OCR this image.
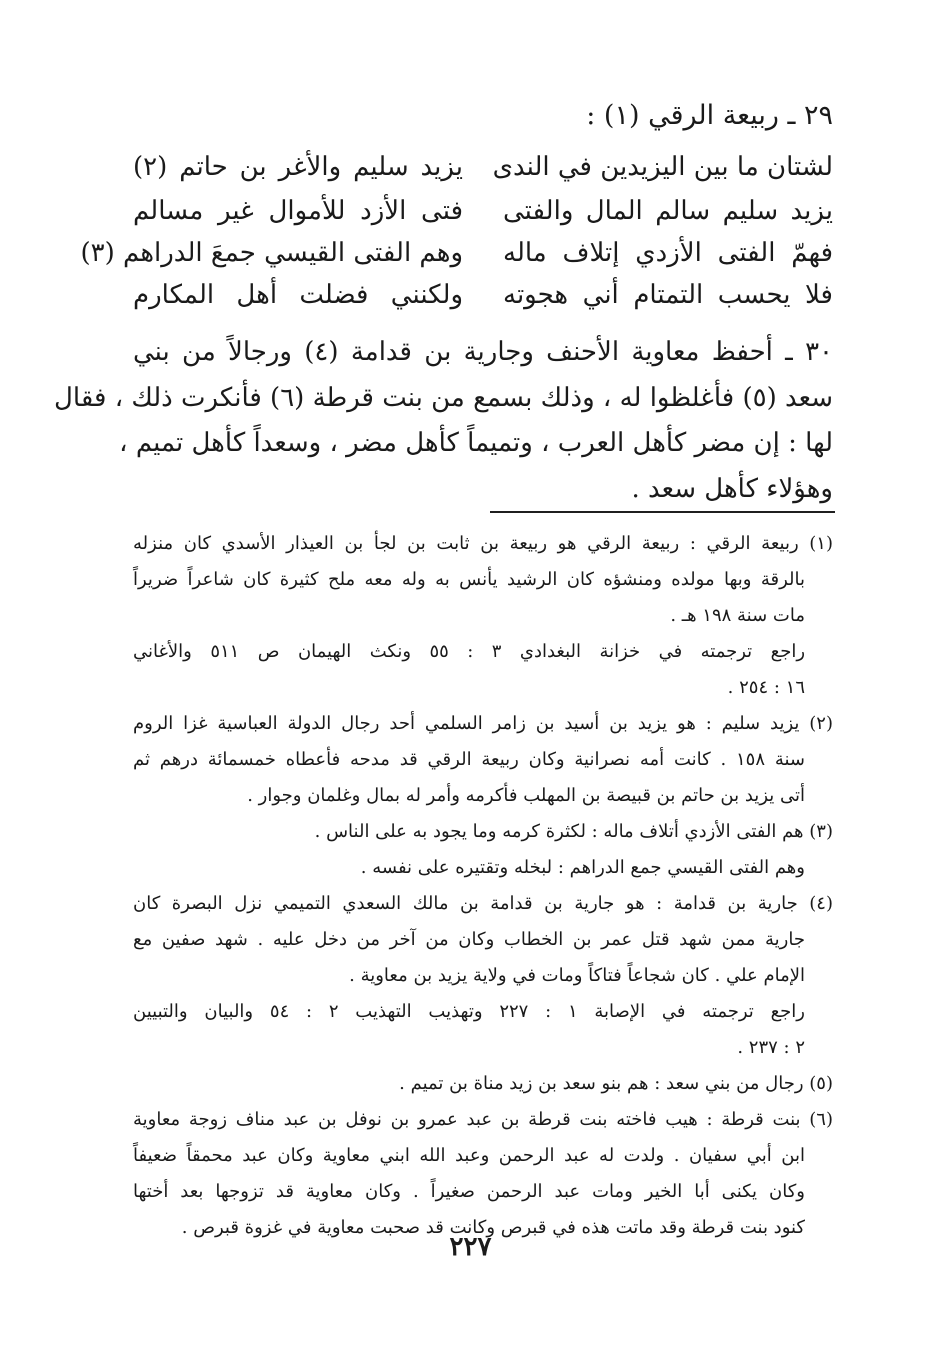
٢٩ ـ ربيعة الرقي (١) :
لشتان ما بين اليزيدين في الندى
يزيد سليم والأغر بن حاتم (٢)
يزيد سليم سالم المال والفتى
فتى الأزد للأموال غير مسالم
فهمّ الفتى الأزدي إتلاف ماله
وهم الفتى القيسي جمعَ الدراهم (٣)
فلا يحسب التمتام أني هجوته
ولكنني فضلت أهل المكارم
٣٠ ـ أحفظ معاوية الأحنف وجارية بن قدامة (٤) ورجالاً من بني
سعد (٥) فأغلظوا له ، وذلك بسمع من بنت قرطة (٦) فأنكرت ذلك ، فقال
لها : إن مضر كأهل العرب ، وتميماً كأهل مضر ، وسعداً كأهل تميم ،
وهؤلاء كأهل سعد .
(١) ربيعة الرقي : ربيعة الرقي هو ربيعة بن ثابت بن لجأ بن العيذار الأسدي كان منزله
بالرقة وبها مولده ومنشؤه كان الرشيد يأنس به وله معه ملح كثيرة كان شاعراً ضريراً
مات سنة ١٩٨ هـ .
راجع ترجمته في خزانة البغدادي ٣ : ٥٥ ونكث الهيمان ص ٥١١ والأغاني
١٦ : ٢٥٤ .
(٢) يزيد سليم : هو يزيد بن أسيد بن زامر السلمي أحد رجال الدولة العباسية غزا الروم
سنة ١٥٨ . كانت أمه نصرانية وكان ربيعة الرقي قد مدحه فأعطاه خمسمائة درهم ثم
أتى يزيد بن حاتم بن قبيصة بن المهلب فأكرمه وأمر له بمال وغلمان وجوار .
(٣) هم الفتى الأزدي أتلاف ماله : لكثرة كرمه وما يجود به على الناس .
وهم الفتى القيسي جمع الدراهم : لبخله وتقتيره على نفسه .
(٤) جارية بن قدامة : هو جارية بن قدامة بن مالك السعدي التميمي نزل البصرة كان
جارية ممن شهد قتل عمر بن الخطاب وكان من آخر من دخل عليه . شهد صفين مع
الإمام علي . كان شجاعاً فتاكاً ومات في ولاية يزيد بن معاوية .
راجع ترجمته في الإصابة ١ : ٢٢٧ وتهذيب التهذيب ٢ : ٥٤ والبيان والتبيين
٢ : ٢٣٧ .
(٥) رجال من بني سعد : هم بنو سعد بن زيد مناة بن تميم .
(٦) بنت قرطة : هيب فاخته بنت قرطة بن عبد عمرو بن نوفل بن عبد مناف زوجة معاوية
ابن أبي سفيان . ولدت له عبد الرحمن وعبد الله ابني معاوية وكان عبد محمقاً ضعيفاً
وكان يكنى أبا الخير ومات عبد الرحمن صغيراً . وكان معاوية قد تزوجها بعد أختها
كنود بنت قرطة وقد ماتت هذه في قبرص وكانت قد صحبت معاوية في غزوة قبرص .
٢٢٧
